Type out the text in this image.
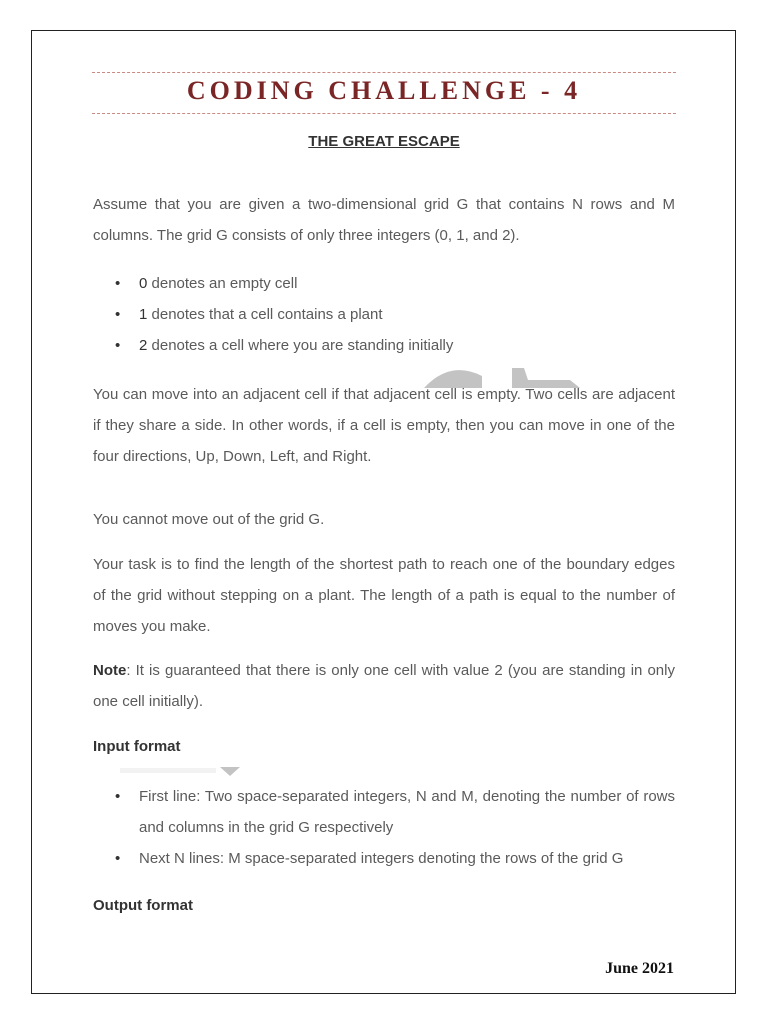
CODING CHALLENGE - 4
THE GREAT ESCAPE

Assume that you are given a two-dimensional grid G that contains N rows and M columns. The grid G consists of only three integers (0, 1, and 2).

• 0 denotes an empty cell
• 1 denotes that a cell contains a plant
• 2 denotes a cell where you are standing initially

You can move into an adjacent cell if that adjacent cell is empty. Two cells are adjacent if they share a side. In other words, if a cell is empty, then you can move in one of the four directions, Up, Down, Left, and Right.

You cannot move out of the grid G.

Your task is to find the length of the shortest path to reach one of the boundary edges of the grid without stepping on a plant. The length of a path is equal to the number of moves you make.

Note: It is guaranteed that there is only one cell with value 2 (you are standing in only one cell initially).

Input format
• First line: Two space-separated integers, N and M, denoting the number of rows and columns in the grid G respectively
• Next N lines: M space-separated integers denoting the rows of the grid G
Output format
June 2021
